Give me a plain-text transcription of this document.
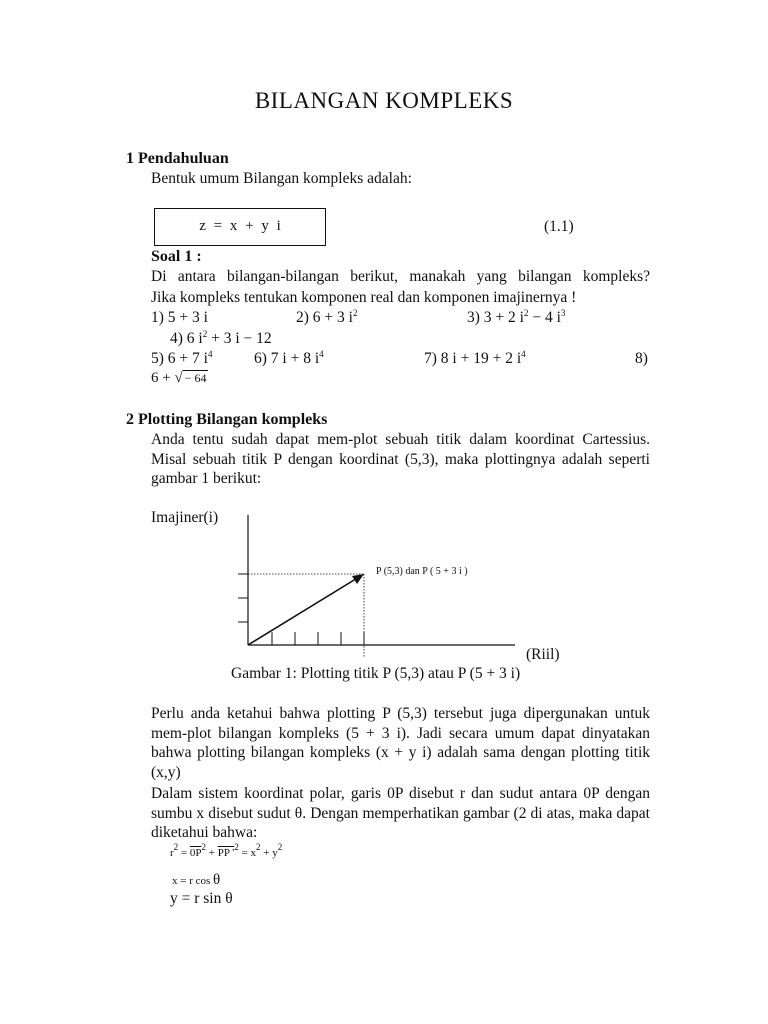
BILANGAN KOMPLEKS
1 Pendahuluan
Bentuk umum Bilangan kompleks adalah:
z = x + y i	(1.1)
Soal 1 :
Di antara bilangan-bilangan berikut, manakah yang bilangan kompleks?
Jika kompleks tentukan komponen real dan komponen imajinernya !
1) 5 + 3 i	2) 6 + 3 $i^2$	3) 3 + 2 $i^2 - 4$ $i^3$
4) 6 $i^2 + 3$ i − 12
5) 6 + 7 $i^4$	6) 7 i + 8 $i^4$	7) 8 i + 19 + 2 $i^4$	8)
6 + √ − 64
2 Plotting Bilangan kompleks
Anda tentu sudah dapat mem-plot sebuah titik dalam koordinat Cartessius. Misal sebuah titik P dengan koordinat (5,3), maka plottingnya adalah seperti gambar 1 berikut:
Imajiner(i)
P (5,3) dan P ( 5 + 3 i )
(Riil)
Gambar 1: Plotting titik P (5,3) atau P (5 + 3 i)
Perlu anda ketahui bahwa plotting P (5,3) tersebut juga dipergunakan untuk mem-plot bilangan kompleks (5 + 3 i). Jadi secara umum dapat dinyatakan bahwa plotting bilangan kompleks (x + y i) adalah sama dengan plotting titik (x,y)
Dalam sistem koordinat polar, garis 0P disebut r dan sudut antara 0P dengan sumbu x disebut sudut θ. Dengan memperhatikan gambar (2 di atas, maka dapat diketahui bahwa:
$r^2 = 0P^2$ + PP '$^2 = x^2 + y^2$
x = r cos θ
y = r sin θ
